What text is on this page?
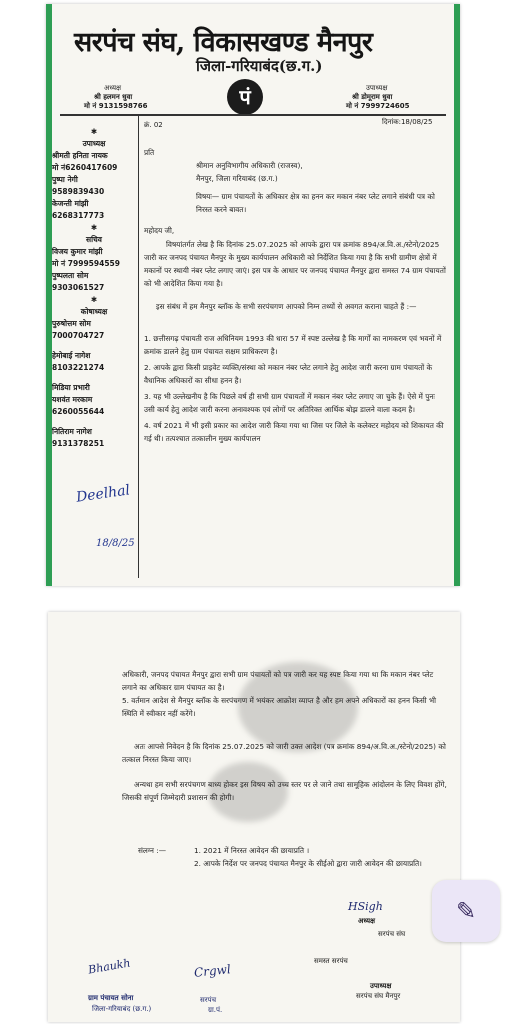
सरपंच संघ, विकासखण्ड मैनपुर
जिला-गरियाबंद(छ.ग.)
अध्यक्ष
श्री हलमन धुवा
मो नं 9131598766	पं	उपाध्यक्ष
श्री डोमूराम धुवा
मो नं 7999724605
क्रं. 02	दिनांक:18/08/25
✱
उपाध्यक्ष
श्रीमती हनिता नायक
मो नं6260417609
पुष्पा नेगी
9589839430
केजन्ती मांझी
6268317773
✱
सचिव
विजय कुमार मांझी
मो नं 7999594559
पुष्पलता सोम
9303061527
✱
कोषाध्यक्ष
पुरुषोत्तम सोम
7000704727
हेमोबाई नागेश
8103221274
मिडिया प्रभारी
यशवंत मरकाम
6260055644
नितिराम नागेश
9131378251
प्रति
श्रीमान अनुविभागीय अधिकारी (राजस्व),
मैनपुर, जिला गरियाबंद (छ.ग.)
विषयः— ग्राम पंचायतों के अधिकार क्षेत्र का हनन कर मकान नंबर प्लेट लगाने संबंधी पत्र को निरस्त करने बावत।
महोदय जी,
विषयांतर्गत लेख है कि दिनांक 25.07.2025 को आपके द्वारा पत्र क्रमांक 894/अ.वि.अ./स्टेनो/2025 जारी कर जनपद पंचायत मैनपुर के मुख्य कार्यपालन अधिकारी को निर्देशित किया गया है कि सभी ग्रामीण क्षेत्रों में मकानों पर स्थायी नंबर प्लेट लगाए जाएं। इस पत्र के आधार पर जनपद पंचायत मैनपुर द्वारा समस्त 74 ग्राम पंचायतों को भी आदेशित किया गया है।
इस संबंध में हम मैनपुर ब्लॉक के सभी सरपंचगण आपको निम्न तथ्यों से अवगत कराना चाहते हैं :—
1. छत्तीसगढ़ पंचायती राज अधिनियम 1993 की धारा 57 में स्पष्ट उल्लेख है कि मार्गों का नामकरण एवं भवनों में क्रमांक डालने हेतु ग्राम पंचायत सक्षम प्राधिकरण है।
2. आपके द्वारा किसी प्राइवेट व्यक्ति/संस्था को मकान नंबर प्लेट लगाने हेतु आदेश जारी करना ग्राम पंचायतों के वैधानिक अधिकारों का सीधा हनन है।
3. यह भी उल्लेखनीय है कि पिछले वर्ष ही सभी ग्राम पंचायतों में मकान नंबर प्लेट लगाए जा चुके हैं। ऐसे में पुनः उसी कार्य हेतु आदेश जारी करना अनावश्यक एवं लोगों पर अतिरिक्त आर्थिक बोझ डालने वाला कदम है।
4. वर्ष 2021 में भी इसी प्रकार का आदेश जारी किया गया था जिस पर जिले के कलेक्टर महोदय को शिकायत की गई थी। तत्पश्चात तत्कालीन मुख्य कार्यपालन
Deelhal
18/8/25
अधिकारी, जनपद पंचायत मैनपुर द्वारा सभी ग्राम पंचायतों को पत्र जारी कर यह स्पष्ट किया गया था कि मकान नंबर प्लेट लगाने का अधिकार ग्राम पंचायत का है।
5. वर्तमान आदेश से मैनपुर ब्लॉक के सरपंचगण में भयंकर आक्रोश व्याप्त है और हम अपने अधिकारों का हनन किसी भी स्थिति में स्वीकार नहीं करेंगे।
अतः आपसे निवेदन है कि दिनांक 25.07.2025 को जारी उक्त आदेश (पत्र क्रमांक 894/अ.वि.अ./स्टेनो/2025) को तत्काल निरस्त किया जाए।
अन्यथा हम सभी सरपंचगण बाध्य होकर इस विषय को उच्च स्तर पर ले जाने तथा सामूहिक आंदोलन के लिए विवश होंगे, जिसकी संपूर्ण जिम्मेदारी प्रशासन की होगी।
संलग्न :—	1. 2021 में निरस्त आवेदन की छायाप्रति ।
2. आपके निर्देश पर जनपद पंचायत मैनपुर के सीईओ द्वारा जारी आवेदन की छायाप्रति।
HSigh
अध्यक्ष
सरपंच संघ
समस्त सरपंच
उपाध्यक्ष
सरपंच संघ मैनपुर
Bhaukh
ग्राम पंचायत सोना
जिला-गरियाबंद (छ.ग.)
Crgwl
सरपंच
ग्रा.पं.
✎
